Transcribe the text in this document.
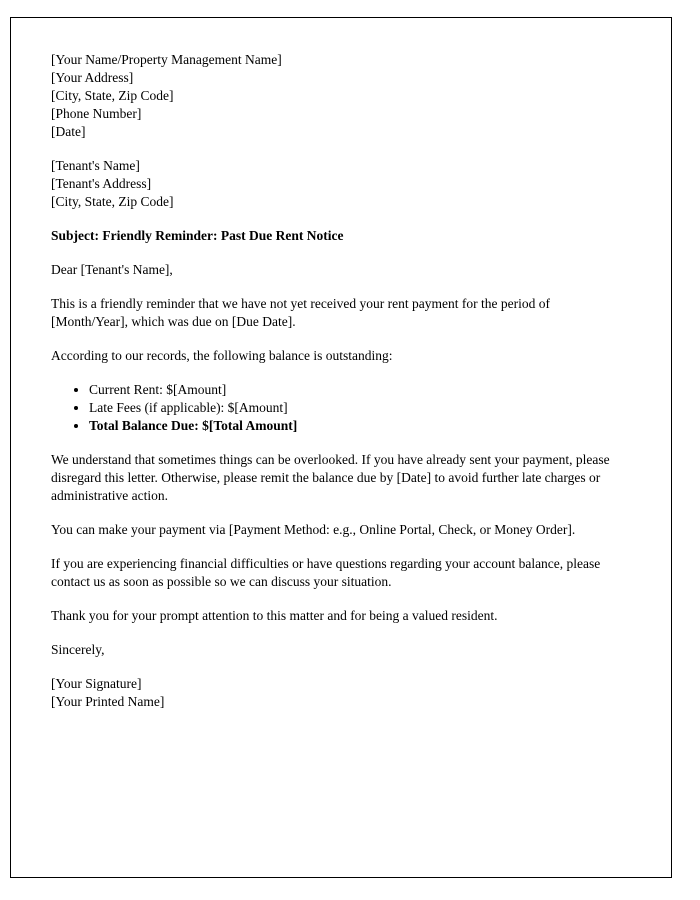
[Your Name/Property Management Name]
[Your Address]
[City, State, Zip Code]
[Phone Number]
[Date]
[Tenant's Name]
[Tenant's Address]
[City, State, Zip Code]

Subject: Friendly Reminder: Past Due Rent Notice

Dear [Tenant's Name],

This is a friendly reminder that we have not yet received your rent payment for the period of [Month/Year], which was due on [Due Date].

According to our records, the following balance is outstanding:

• Current Rent: $[Amount]
• Late Fees (if applicable): $[Amount]
• Total Balance Due: $[Total Amount]

We understand that sometimes things can be overlooked. If you have already sent your payment, please disregard this letter. Otherwise, please remit the balance due by [Date] to avoid further late charges or administrative action.

You can make your payment via [Payment Method: e.g., Online Portal, Check, or Money Order].

If you are experiencing financial difficulties or have questions regarding your account balance, please contact us as soon as possible so we can discuss your situation.

Thank you for your prompt attention to this matter and for being a valued resident.

Sincerely,

[Your Signature]
[Your Printed Name]
